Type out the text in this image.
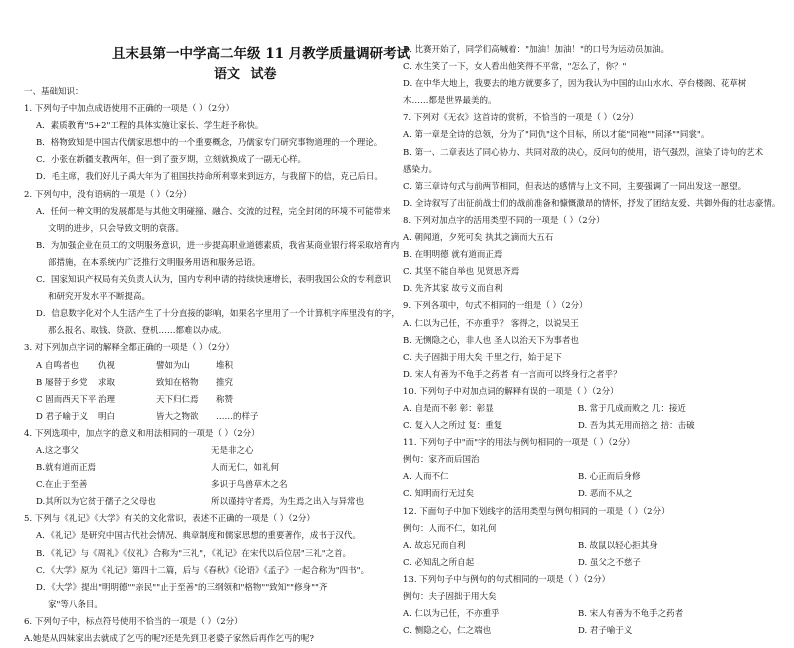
且末县第一中学高二年级 11 月教学质量调研考试
语文 试卷
一、基础知识：
1. 下列句子中加点成语使用不正确的一项是（ ）（2分）
A．素质教育"5+2"工程的具体实施让家长、学生赶予称快。
B．格物致知是中国古代儒家思想中的一个重要概念，乃儒家专门研究事物道理的一个理论。
C．小张在新疆支教两年，但一到了蚕歹期，立刻就换成了一副无心样。
D．毛主席，我们好儿子禹大年为了祖国扶持命所利辜来到远方，与我留下的信，克己后日。
2. 下列句中，没有语病的一项是（ ）（2分）
A．任何一种文明的发展都是与其他文明碰撞、融合、交流的过程，完全封闭的环境不可能带来
文明的进步，只会导致文明的衰落。
B．为加强企业在员工的文明服务意识，进一步提高职业道德素质，我省某商业银行将采取培育内
部措施，在本系统内广泛推行文明服务用语和服务忌语。
C．国家知识产权局有关负责人认为，国内专利申请的持续快速增长，表明我国公众的专利意识
和研究开发水平不断提高。
D．信息数字化对个人生活产生了十分直接的影响，如果名字里用了一个计算机字库里没有的字，
那么报名、取钱、贷款、登机……都难以办成。
3. 对下列加点字词的解释全都正确的一项是（ ）（2分）
A 自鸣者也	仇视	譬如为山	堆积
B 屡替于乡党	求取	致知在格物	推究
C 固而西天下平 治理	天下归仁焉	称赞
D 君子喻于义	明白	皆大之物欲	……的样子
4. 下列选项中，加点字的意义和用法相同的一项是（ ）（2分）
A.这之事父	无是非之心
B.就有道而正焉	人而无仁，如礼何
C.在止于至善	多识于鸟兽草木之名
D.其所以为它贫于孺子之父母也	所以谨持守者焉，为生焉之出入与异常也
5. 下列与《礼记》《大学》有关的文化常识，表述不正确的一项是（ ）（2分）
A．《礼记》是研究中国古代社会情况、典章制度和儒家思想的重要著作，成书于汉代。
B．《礼记》与《周礼》《仪礼》合称为"三礼"，《礼记》在宋代以后位居"三礼"之首。
C．《大学》原为《礼记》第四十二篇，后与《春秋》《论语》《孟子》一起合称为"四书"。
D．《大学》提出"明明德""亲民""止于至善"的三纲领和"格物""致知""修身""齐
家"等八条目。
6. 下列句子中，标点符号使用不恰当的一项是（ ）（2分）
A.她是从四妹家出去就成了乞丐的呢?还是先到卫老婆子家然后再作乞丐的呢?
B. 比赛开始了，同学们高喊着："加油！加油！"的口号为运动员加油。
C. 水生笑了一下，女人看出他笑得不平常，"怎么了，你？"
D. 在中华大地上，我要去的地方就要多了，因为我认为中国的山山水水、亭台楼阁、花草树
木……都是世界最美的。
7. 下列对《无衣》这首诗的赏析，不恰当的一项是（ ）（2分）
A. 第一章是全诗的总领，分为了"同仇"这个目标，所以才能"同袍""同泽""同裳"。
B. 第一、二章表达了同心协力、共同对敌的决心，反问句的使用，语气强烈，渲染了诗句的艺术
感染力。
C. 第三章诗句式与前两节相同，但表达的感情与上文不同，主要强调了一同出发这一愿望。
D. 全诗叙写了出征前战士们的战前准备和慷慨激昂的情怀，抒发了团结友爱、共御外侮的壮志豪情。
8. 下列对加点字的活用类型不同的一项是（ ）（2分）
A. 朝闻道，夕死可矣 执其之滴而大五石
B. 在明明德 就有道而正焉
C. 其坚不能自举也 见贤思齐焉
D. 先齐其家 故亏义而自利
9. 下列各项中，句式不相同的一组是（ ）（2分）
A. 仁以为己任，不亦重乎？ 客得之，以说吴王
B. 无恻隐之心，非人也 圣人以治天下为事者也
C. 夫子固拙于用大矣 千里之行，始于足下
D. 宋人有善为不龟手之药者 有一言而可以终身行之者乎？
10. 下列句子中对加点词的解释有误的一项是（ ）（2分）
A. 自是而不彰 彰：彰显	B. 常于几成而败之 几：接近
C. 复入人之所过 复：重复	D. 吾为其无用而掊之 掊：击破
11. 下列句子中"而"字的用法与例句相同的一项是（ ）（2分）
例句：家齐而后国治
A. 人而不仁	B. 心正而后身修
C. 知明而行无过矣	D. 恶而不从之
12. 下面句子中加下划线字的活用类型与例句相同的一项是（ ）（2分）
例句：人而不仁，如礼何
A. 故忘兄而自利	B. 故鼠以轻心拒其身
C. 必知乱之所自起	D. 虽父之不慈子
13. 下列句子中与例句的句式相同的一项是（ ）（2分）
例句：夫子固拙于用大矣
A. 仁以为己任，不亦重乎	B. 宋人有善为不龟手之药者
C. 恻隐之心，仁之端也	D. 君子喻于义
